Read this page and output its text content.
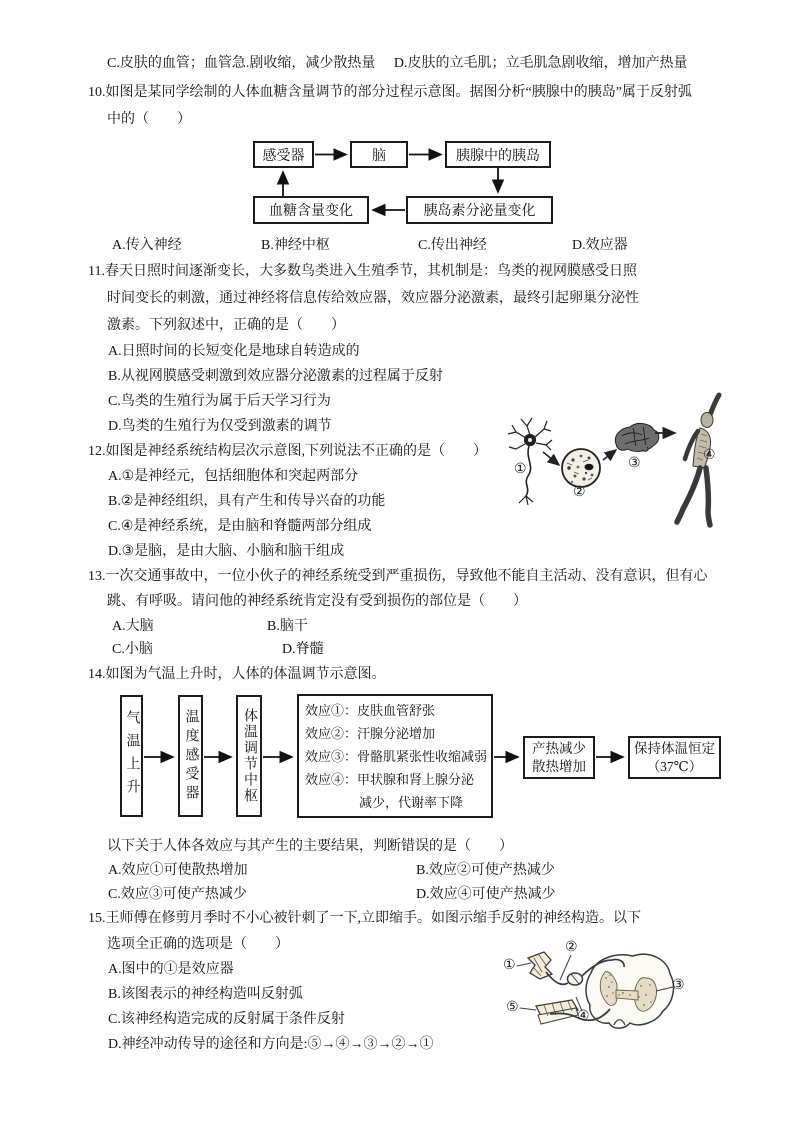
C.皮肤的血管；血管急.剧收缩，减少散热量 D.皮肤的立毛肌；立毛肌急剧收缩，增加产热量
10.如图是某同学绘制的人体血糖含量调节的部分过程示意图。据图分析“胰腺中的胰岛”属于反射弧
中的（　　）
感受器	脑	胰腺中的胰岛
血糖含量变化	胰岛素分泌量变化
A.传入神经	B.神经中枢	C.传出神经	D.效应器
11.春天日照时间逐渐变长，大多数鸟类进入生殖季节，其机制是：鸟类的视网膜感受日照
时间变长的刺激，通过神经将信息传给效应器，效应器分泌激素，最终引起卵巢分泌性
激素。下列叙述中，正确的是（　　）
A.日照时间的长短变化是地球自转造成的
B.从视网膜感受刺激到效应器分泌激素的过程属于反射
C.鸟类的生殖行为属于后天学习行为
D.鸟类的生殖行为仅受到激素的调节
12.如图是神经系统结构层次示意图,下列说法不正确的是（　　）
A.①是神经元，包括细胞体和突起两部分
B.②是神经组织，具有产生和传导兴奋的功能
C.④是神经系统，是由脑和脊髓两部分组成
D.③是脑，是由大脑、小脑和脑干组成
①
②
③
④
13.一次交通事故中，一位小伙子的神经系统受到严重损伤，导致他不能自主活动、没有意识，但有心
跳、有呼吸。请问他的神经系统肯定没有受到损伤的部位是（　　）
A.大脑	B.脑干
C.小脑	D.脊髓
14.如图为气温上升时，人体的体温调节示意图。
气温上升	温度感受器	体温调节中枢	效应①：皮肤血管舒张
效应②：汗腺分泌增加
效应③：骨骼肌紧张性收缩减弱
效应④：甲状腺和肾上腺分泌
减少，代谢率下降
产热减少
散热增加
保持体温恒定
（37℃）
以下关于人体各效应与其产生的主要结果，判断错误的是（　　）
A.效应①可使散热增加	B.效应②可使产热减少
C.效应③可使产热减少	D.效应④可使产热减少
15.王师傅在修剪月季时不小心被针刺了一下,立即缩手。如图示缩手反射的神经构造。以下
选项全正确的选项是（　　）
A.图中的①是效应器
B.该图表示的神经构造叫反射弧
C.该神经构造完成的反射属于条件反射
D.神经冲动传导的途径和方向是:⑤→④→③→②→①
①
②
③
④
⑤
